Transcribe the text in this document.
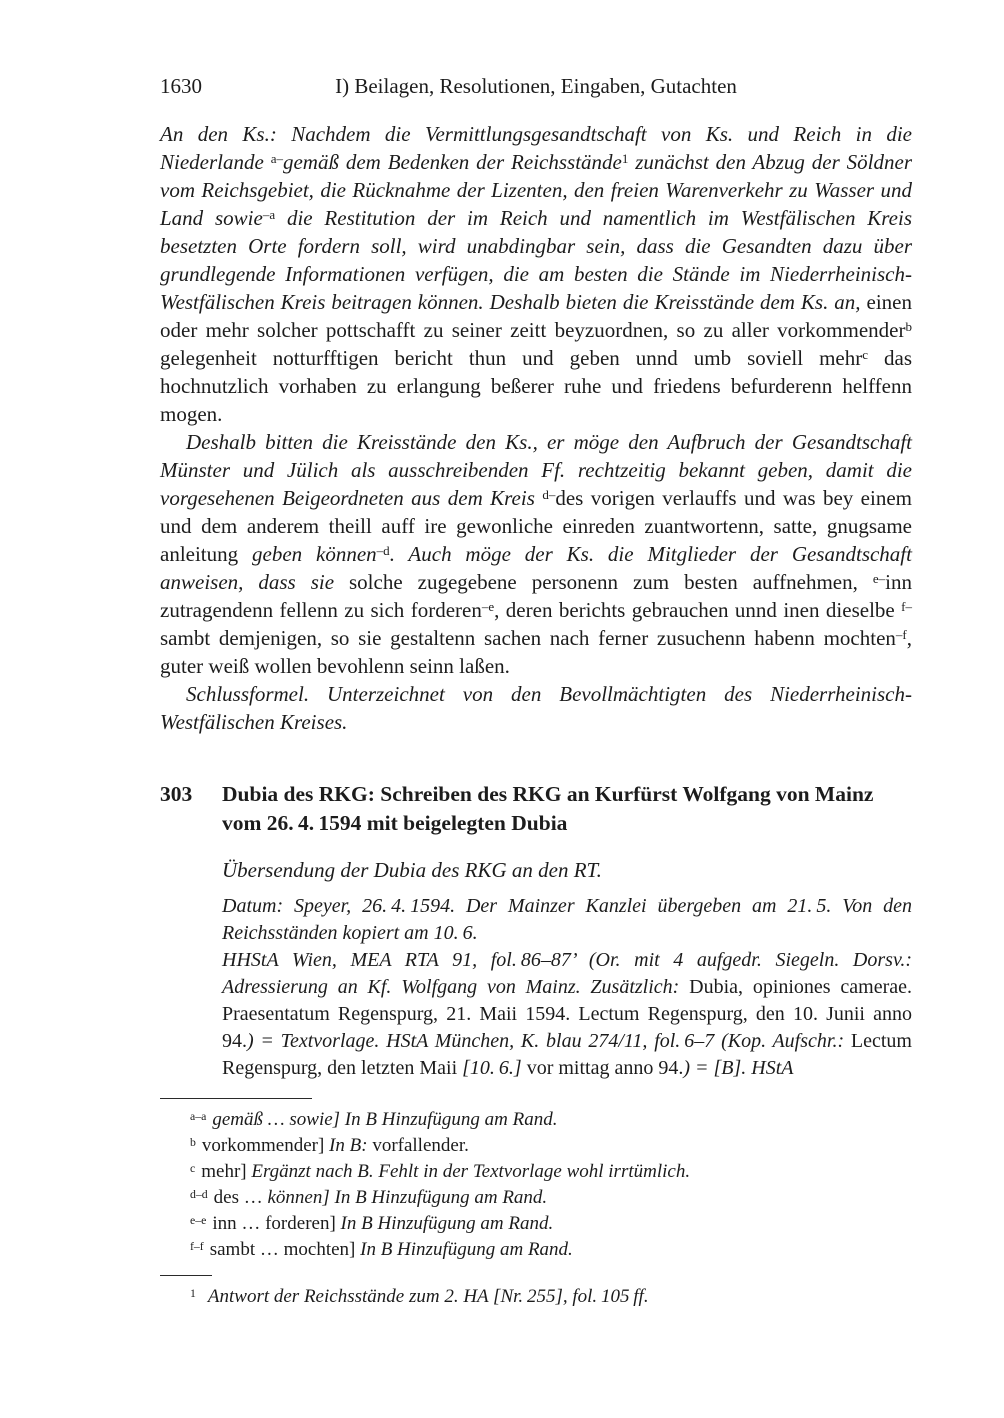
1630	I) Beilagen, Resolutionen, Eingaben, Gutachten

An den Ks.: Nachdem die Vermittlungsgesandtschaft von Ks. und Reich in die Niederlande $^{a-}$gemäß dem Bedenken der Reichsstände$^1$ zunächst den Abzug der Söldner vom Reichsgebiet, die Rücknahme der Lizenten, den freien Warenverkehr zu Wasser und Land sowie$^{-a}$ die Restitution der im Reich und namentlich im Westfälischen Kreis besetzten Orte fordern soll, wird unabdingbar sein, dass die Gesandten dazu über grundlegende Informationen verfügen, die am besten die Stände im Niederrheinisch-Westfälischen Kreis beitragen können. Deshalb bieten die Kreisstände dem Ks. an, einen oder mehr solcher pottschafft zu seiner zeitt beyzuordnen, so zu aller vorkommender$^b$ gelegenheit notturfftigen bericht thun und geben unnd umb soviell mehr$^c$ das hochnutzlich vorhaben zu erlangung beßerer ruhe und friedens befurderenn helffenn mogen.

Deshalb bitten die Kreisstände den Ks., er möge den Aufbruch der Gesandtschaft Münster und Jülich als ausschreibenden Ff. rechtzeitig bekannt geben, damit die vorgesehenen Beigeordneten aus dem Kreis $^{d-}$des vorigen verlauffs und was bey einem und dem anderem theill auff ire gewonliche einreden zuantwortenn, satte, gnugsame anleitung geben können$^{-d}$. Auch möge der Ks. die Mitglieder der Gesandtschaft anweisen, dass sie solche zugegebene personenn zum besten auffnehmen, $^{e-}$inn zutragendenn fellenn zu sich forderen$^{-e}$, deren berichts gebrauchen unnd inen dieselbe $^{f-}$sambt demjenigen, so sie gestaltenn sachen nach ferner zusuchenn habenn mochten$^{-f}$, guter weiß wollen bevohlenn seinn laßen.

Schlussformel. Unterzeichnet von den Bevollmächtigten des Niederrheinisch-Westfälischen Kreises.

303 Dubia des RKG: Schreiben des RKG an Kurfürst Wolfgang von Mainz vom 26. 4. 1594 mit beigelegten Dubia

Übersendung der Dubia des RKG an den RT.

Datum: Speyer, 26. 4. 1594. Der Mainzer Kanzlei übergeben am 21. 5. Von den Reichsständen kopiert am 10. 6.

HHStA Wien, MEA RTA 91, fol. 86–87’ (Or. mit 4 aufgedr. Siegeln. Dorsv.: Adressierung an Kf. Wolfgang von Mainz. Zusätzlich: Dubia, opiniones camerae. Praesentatum Regenspurg, 21. Maii 1594. Lectum Regenspurg, den 10. Junii anno 94.) = Textvorlage. HStA München, K. blau 274/11, fol. 6–7 (Kop. Aufschr.: Lectum Regenspurg, den letzten Maii [10. 6.] vor mittag anno 94.) = [B]. HStA

$^{a-a}$ gemäß … sowie] In B Hinzufügung am Rand.

$^b$ vorkommender] In B: vorfallender.

$^c$ mehr] Ergänzt nach B. Fehlt in der Textvorlage wohl irrtümlich.

$^{d-d}$ des … können] In B Hinzufügung am Rand.

$^{e-e}$ inn … forderen] In B Hinzufügung am Rand.

$^{f-f}$ sambt … mochten] In B Hinzufügung am Rand.

$^1$ Antwort der Reichsstände zum 2. HA [Nr. 255], fol. 105 ff.
